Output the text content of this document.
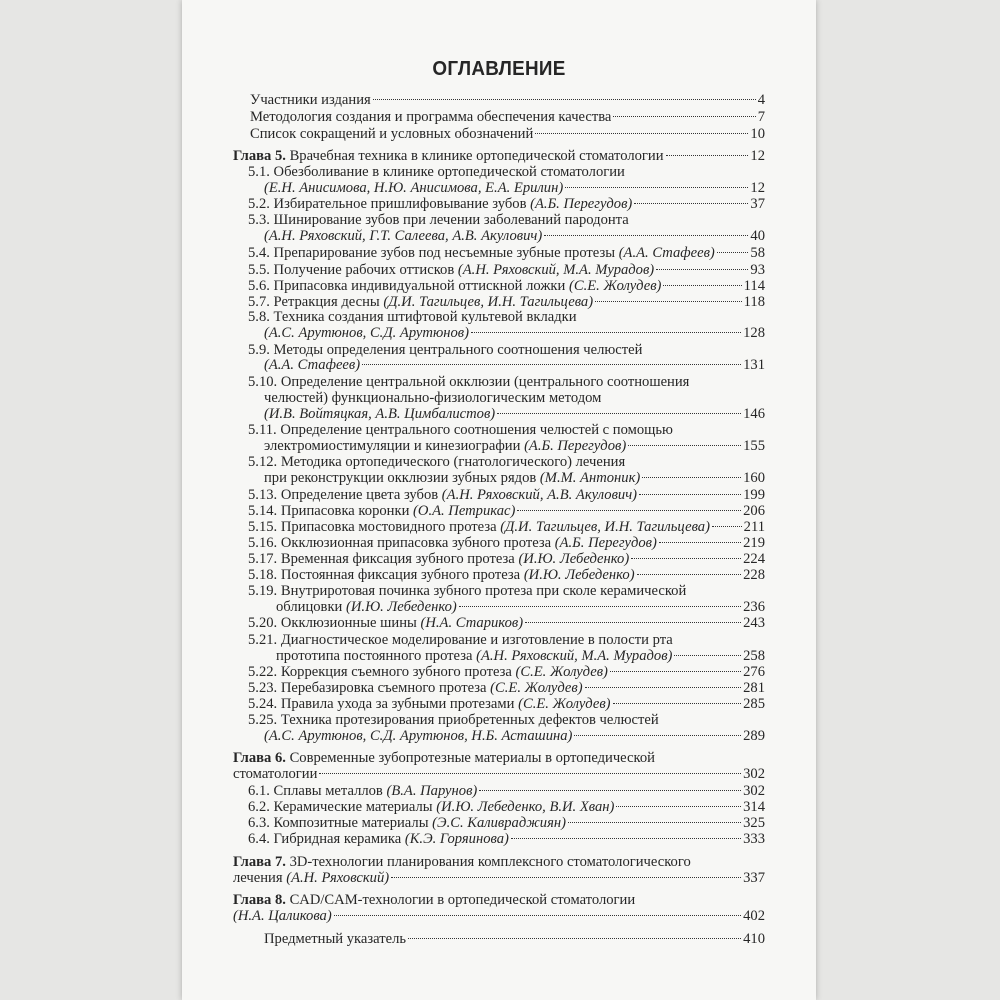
ОГЛАВЛЕНИЕ
Участники издания	4
Методология создания и программа обеспечения качества	7
Список сокращений и условных обозначений	10
Глава 5. Врачебная техника в клинике ортопедической стоматологии	12
5.1. Обезболивание в клинике ортопедической стоматологии
(Е.Н. Анисимова, Н.Ю. Анисимова, Е.А. Ерилин)	12
5.2. Избирательное пришлифовывание зубов (А.Б. Перегудов)	37
5.3. Шинирование зубов при лечении заболеваний пародонта
(А.Н. Ряховский, Г.Т. Салеева, А.В. Акулович)	40
5.4. Препарирование зубов под несъемные зубные протезы (А.А. Стафеев) 58
5.5. Получение рабочих оттисков (А.Н. Ряховский, М.А. Мурадов)	93
5.6. Припасовка индивидуальной оттискной ложки (С.Е. Жолудев)	114
5.7. Ретракция десны (Д.И. Тагильцев, И.Н. Тагильцева)	118
5.8. Техника создания штифтовой культевой вкладки
(А.С. Арутюнов, С.Д. Арутюнов)	128
5.9. Методы определения центрального соотношения челюстей
(А.А. Стафеев)	131
5.10. Определение центральной окклюзии (центрального соотношения
челюстей) функционально-физиологическим методом
(И.В. Войтяцкая, А.В. Цимбалистов)	146
5.11. Определение центрального соотношения челюстей с помощью
электромиостимуляции и кинезиографии (А.Б. Перегудов)	155
5.12. Методика ортопедического (гнатологического) лечения
при реконструкции окклюзии зубных рядов (М.М. Антоник)	160
5.13. Определение цвета зубов (А.Н. Ряховский, А.В. Акулович)	199
5.14. Припасовка коронки (О.А. Петрикас)	206
5.15. Припасовка мостовидного протеза (Д.И. Тагильцев, И.Н. Тагильцева) 211
5.16. Окклюзионная припасовка зубного протеза (А.Б. Перегудов)	219
5.17. Временная фиксация зубного протеза (И.Ю. Лебеденко)	224
5.18. Постоянная фиксация зубного протеза (И.Ю. Лебеденко)	228
5.19. Внутриротовая починка зубного протеза при сколе керамической
облицовки (И.Ю. Лебеденко)	236
5.20. Окклюзионные шины (Н.А. Стариков)	243
5.21. Диагностическое моделирование и изготовление в полости рта
прототипа постоянного протеза (А.Н. Ряховский, М.А. Мурадов)	258
5.22. Коррекция съемного зубного протеза (С.Е. Жолудев)	276
5.23. Перебазировка съемного протеза (С.Е. Жолудев)	281
5.24. Правила ухода за зубными протезами (С.Е. Жолудев)	285
5.25. Техника протезирования приобретенных дефектов челюстей
(А.С. Арутюнов, С.Д. Арутюнов, Н.Б. Асташина)	289
Глава 6. Современные зубопротезные материалы в ортопедической
стоматологии	302
6.1. Сплавы металлов (В.А. Парунов)	302
6.2. Керамические материалы (И.Ю. Лебеденко, В.И. Хван)	314
6.3. Композитные материалы (Э.С. Каливраджиян)	325
6.4. Гибридная керамика (К.Э. Горяинова)	333
Глава 7. 3D-технологии планирования комплексного стоматологического
лечения (А.Н. Ряховский)	337
Глава 8. CAD/CAM-технологии в ортопедической стоматологии
(Н.А. Цаликова)	402
Предметный указатель	410
